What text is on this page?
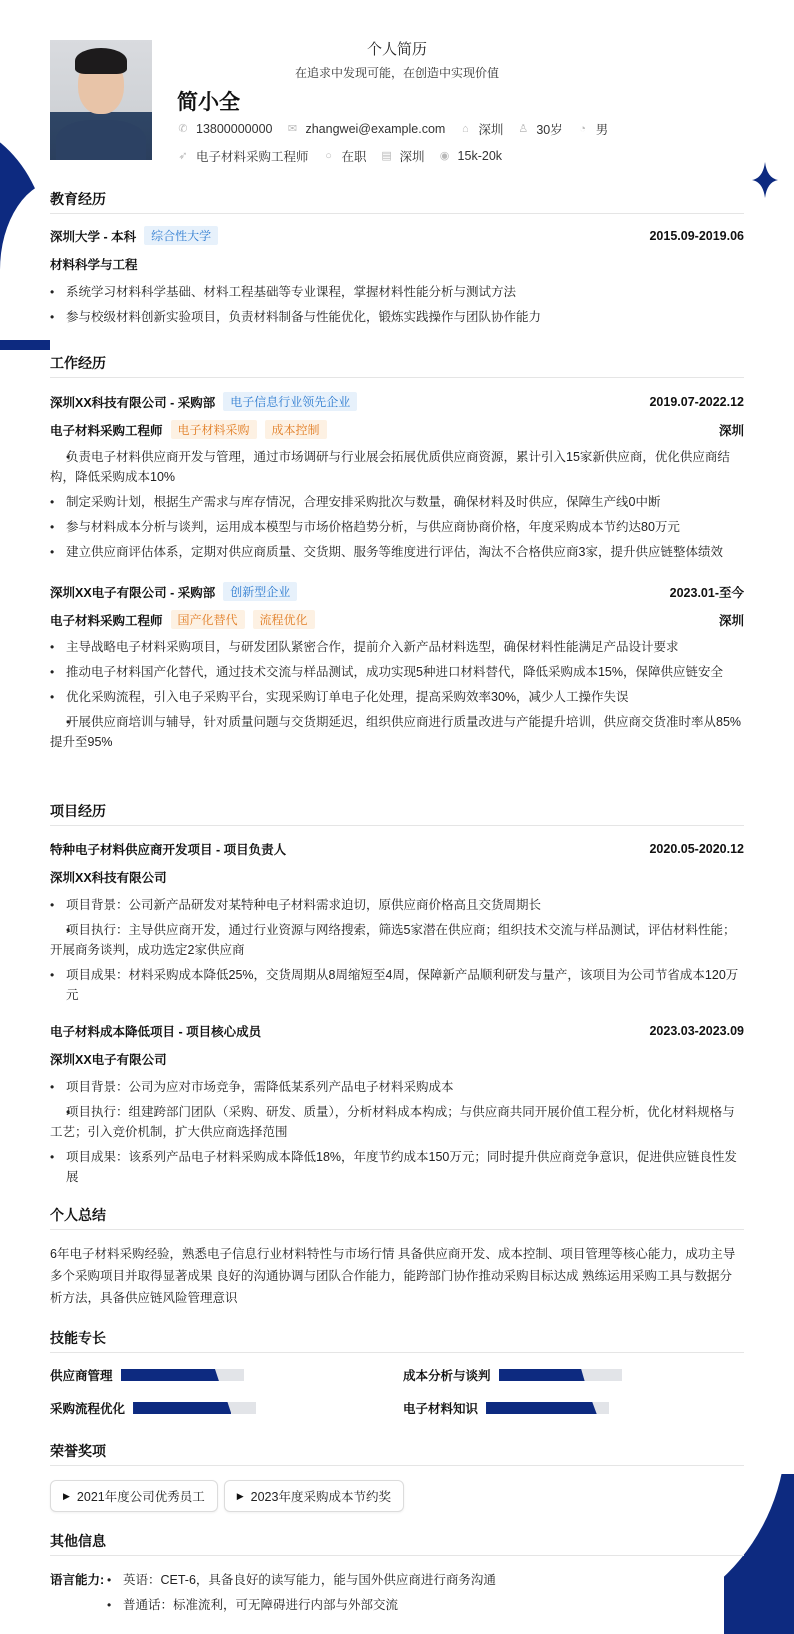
个人简历
在追求中发现可能，在创造中实现价值
简小全
✆ 13800000000 ✉ zhangwei@example.com ⌂ 深圳 ♙ 30岁 ◔ 男
➶ 电子材料采购工程师 ○ 在职 ▤ 深圳 ◉ 15k-20k
教育经历
深圳大学 - 本科	综合性大学	2015.09-2019.06
材料科学与工程
• 系统学习材料科学基础、材料工程基础等专业课程，掌握材料性能分析与测试方法
• 参与校级材料创新实验项目，负责材料制备与性能优化，锻炼实践操作与团队协作能力
工作经历
深圳XX科技有限公司 - 采购部	电子信息行业领先企业	2019.07-2022.12
电子材料采购工程师	电子材料采购	成本控制	深圳
• 负责电子材料供应商开发与管理，通过市场调研与行业展会拓展优质供应商资源，累计引入15家新供应商，优化供应商结构，降低采购成本10%
• 制定采购计划，根据生产需求与库存情况，合理安排采购批次与数量，确保材料及时供应，保障生产线0中断
• 参与材料成本分析与谈判，运用成本模型与市场价格趋势分析，与供应商协商价格，年度采购成本节约达80万元
• 建立供应商评估体系，定期对供应商质量、交货期、服务等维度进行评估，淘汰不合格供应商3家，提升供应链整体绩效
深圳XX电子有限公司 - 采购部	创新型企业	2023.01-至今
电子材料采购工程师	国产化替代	流程优化	深圳
• 主导战略电子材料采购项目，与研发团队紧密合作，提前介入新产品材料选型，确保材料性能满足产品设计要求
• 推动电子材料国产化替代，通过技术交流与样品测试，成功实现5种进口材料替代，降低采购成本15%，保障供应链安全
• 优化采购流程，引入电子采购平台，实现采购订单电子化处理，提高采购效率30%，减少人工操作失误
• 开展供应商培训与辅导，针对质量问题与交货期延迟，组织供应商进行质量改进与产能提升培训，供应商交货准时率从85%提升至95%
项目经历
特种电子材料供应商开发项目 - 项目负责人	2020.05-2020.12
深圳XX科技有限公司
• 项目背景：公司新产品研发对某特种电子材料需求迫切，原供应商价格高且交货周期长
• 项目执行：主导供应商开发，通过行业资源与网络搜索，筛选5家潜在供应商；组织技术交流与样品测试，评估材料性能；开展商务谈判，成功选定2家供应商
• 项目成果：材料采购成本降低25%，交货周期从8周缩短至4周，保障新产品顺利研发与量产，该项目为公司节省成本120万元
电子材料成本降低项目 - 项目核心成员	2023.03-2023.09
深圳XX电子有限公司
• 项目背景：公司为应对市场竞争，需降低某系列产品电子材料采购成本
• 项目执行：组建跨部门团队（采购、研发、质量），分析材料成本构成；与供应商共同开展价值工程分析，优化材料规格与工艺；引入竞价机制，扩大供应商选择范围
• 项目成果：该系列产品电子材料采购成本降低18%，年度节约成本150万元；同时提升供应商竞争意识，促进供应链良性发展
个人总结
6年电子材料采购经验，熟悉电子信息行业材料特性与市场行情 具备供应商开发、成本控制、项目管理等核心能力，成功主导多个采购项目并取得显著成果 良好的沟通协调与团队合作能力，能跨部门协作推动采购目标达成 熟练运用采购工具与数据分析方法，具备供应链风险管理意识
技能专长
供应商管理	成本分析与谈判
采购流程优化	电子材料知识
荣誉奖项
▶ 2021年度公司优秀员工	▶ 2023年度采购成本节约奖
其他信息
语言能力:	• 英语：CET-6，具备良好的读写能力，能与国外供应商进行商务沟通
• 普通话：标准流利，可无障碍进行内部与外部交流
